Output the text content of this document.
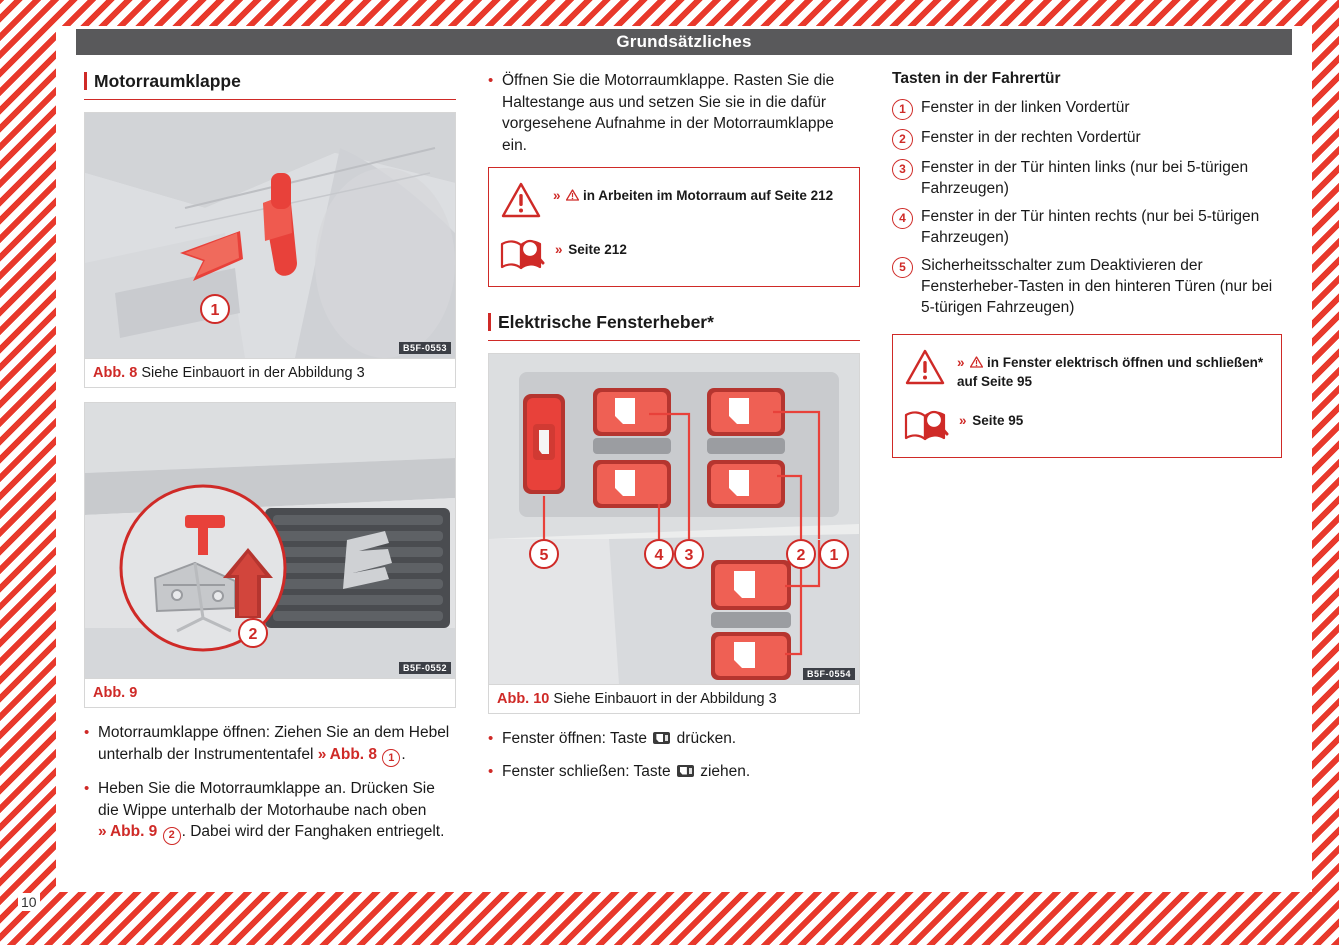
10
Grundsätzliches
Motorraumklappe
1
B5F-0553
Abb. 8 Siehe Einbauort in der Abbildung 3
2
B5F-0552
Abb. 9

• Motorraumklappe öffnen: Ziehen Sie an dem Hebel unterhalb der Instrumententafel » Abb. 8 1 .

• Heben Sie die Motorraumklappe an. Drücken Sie die Wippe unterhalb der Motorhaube nach oben » Abb. 9 2 . Dabei wird der Fanghaken entriegelt.

• Öffnen Sie die Motorraumklappe. Rasten Sie die Haltestange aus und setzen Sie sie in die dafür vorgesehene Aufnahme in der Motorraumklappe ein.

» in Arbeiten im Motorraum auf Seite 212
» Seite 212
Elektrische Fensterheber*
5	4 3	2 1
B5F-0554
Abb. 10 Siehe Einbauort in der Abbildung 3

• Fenster öffnen: Taste  drücken.

• Fenster schließen: Taste  ziehen.

Tasten in der Fahrertür

1 Fenster in der linken Vordertür
2 Fenster in der rechten Vordertür
3 Fenster in der Tür hinten links (nur bei 5-türigen Fahrzeugen)
4 Fenster in der Tür hinten rechts (nur bei 5-türigen Fahrzeugen)
5 Sicherheitsschalter zum Deaktivieren der Fensterheber-Tasten in den hinteren Türen (nur bei 5-türigen Fahrzeugen)
» in Fenster elektrisch öffnen und schließen* auf Seite 95
» Seite 95
